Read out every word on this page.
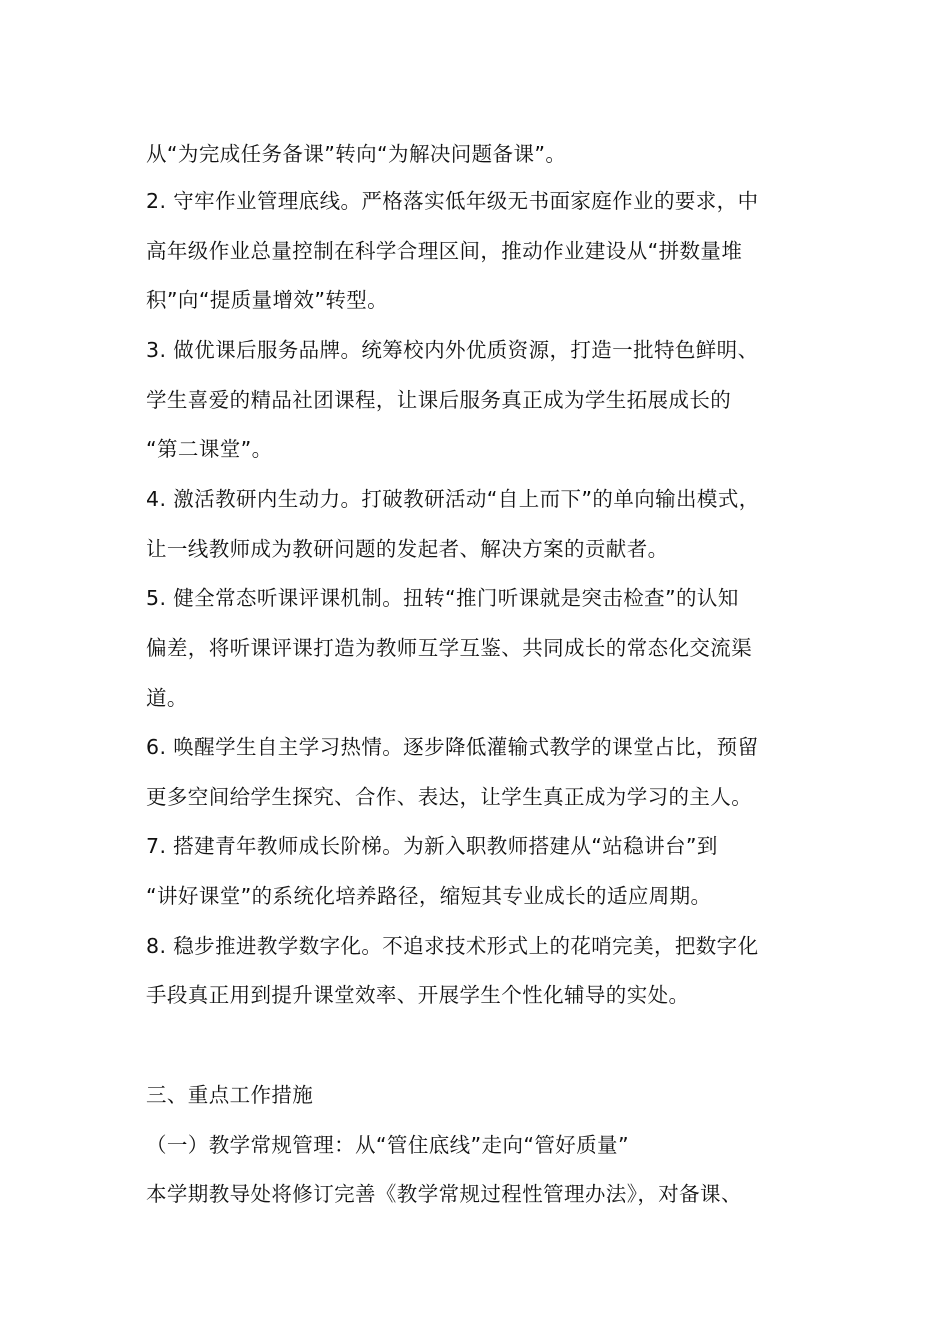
从“为完成任务备课”转向“为解决问题备课”。
2. 守牢作业管理底线。严格落实低年级无书面家庭作业的要求，中
高年级作业总量控制在科学合理区间，推动作业建设从“拼数量堆
积”向“提质量增效”转型。
3. 做优课后服务品牌。统筹校内外优质资源，打造一批特色鲜明、
学生喜爱的精品社团课程，让课后服务真正成为学生拓展成长的
“第二课堂”。
4. 激活教研内生动力。打破教研活动“自上而下”的单向输出模式，
让一线教师成为教研问题的发起者、解决方案的贡献者。
5. 健全常态听课评课机制。扭转“推门听课就是突击检查”的认知
偏差，将听课评课打造为教师互学互鉴、共同成长的常态化交流渠
道。
6. 唤醒学生自主学习热情。逐步降低灌输式教学的课堂占比，预留
更多空间给学生探究、合作、表达，让学生真正成为学习的主人。
7. 搭建青年教师成长阶梯。为新入职教师搭建从“站稳讲台”到
“讲好课堂”的系统化培养路径，缩短其专业成长的适应周期。
8. 稳步推进教学数字化。不追求技术形式上的花哨完美，把数字化
手段真正用到提升课堂效率、开展学生个性化辅导的实处。
三、重点工作措施
（一）教学常规管理：从“管住底线”走向“管好质量”
本学期教导处将修订完善《教学常规过程性管理办法》，对备课、
